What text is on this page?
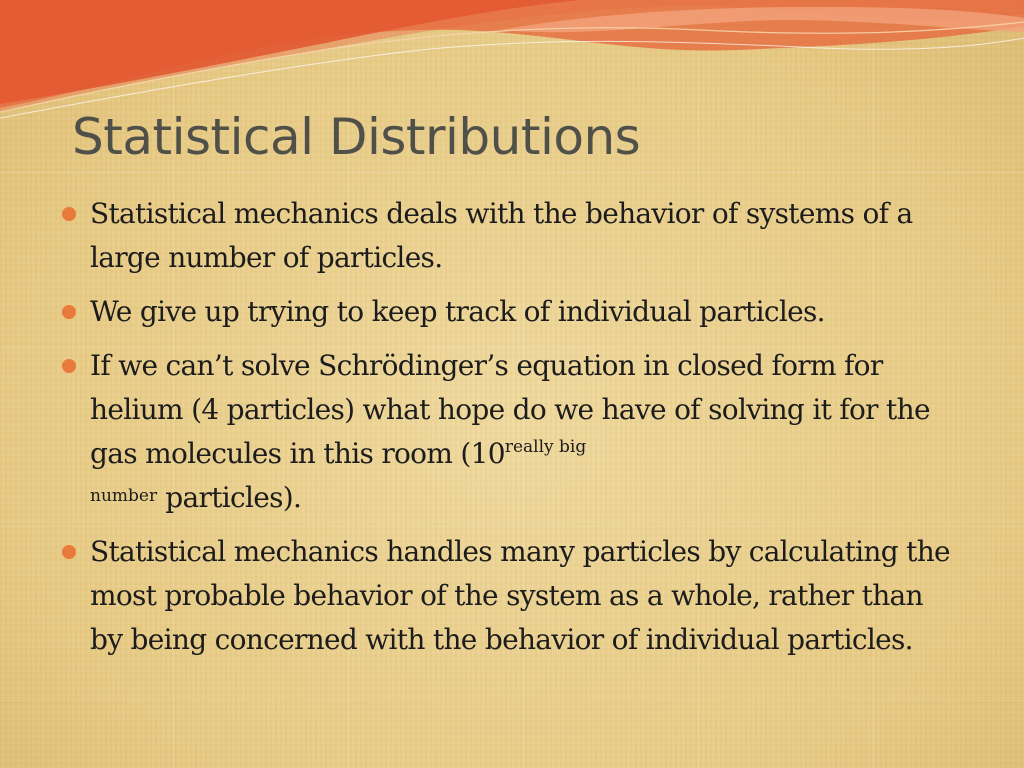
Statistical Distributions
Statistical mechanics deals with the behavior of systems of a large number of particles.
We give up trying to keep track of individual particles.
If we can’t solve Schrödinger’s equation in closed form for helium (4 particles) what hope do we have of solving it for the gas molecules in this room ($10^{really big}$
$^{number}$ particles).
Statistical mechanics handles many particles by calculating the most probable behavior of the system as a whole, rather than by being concerned with the behavior of individual particles.
